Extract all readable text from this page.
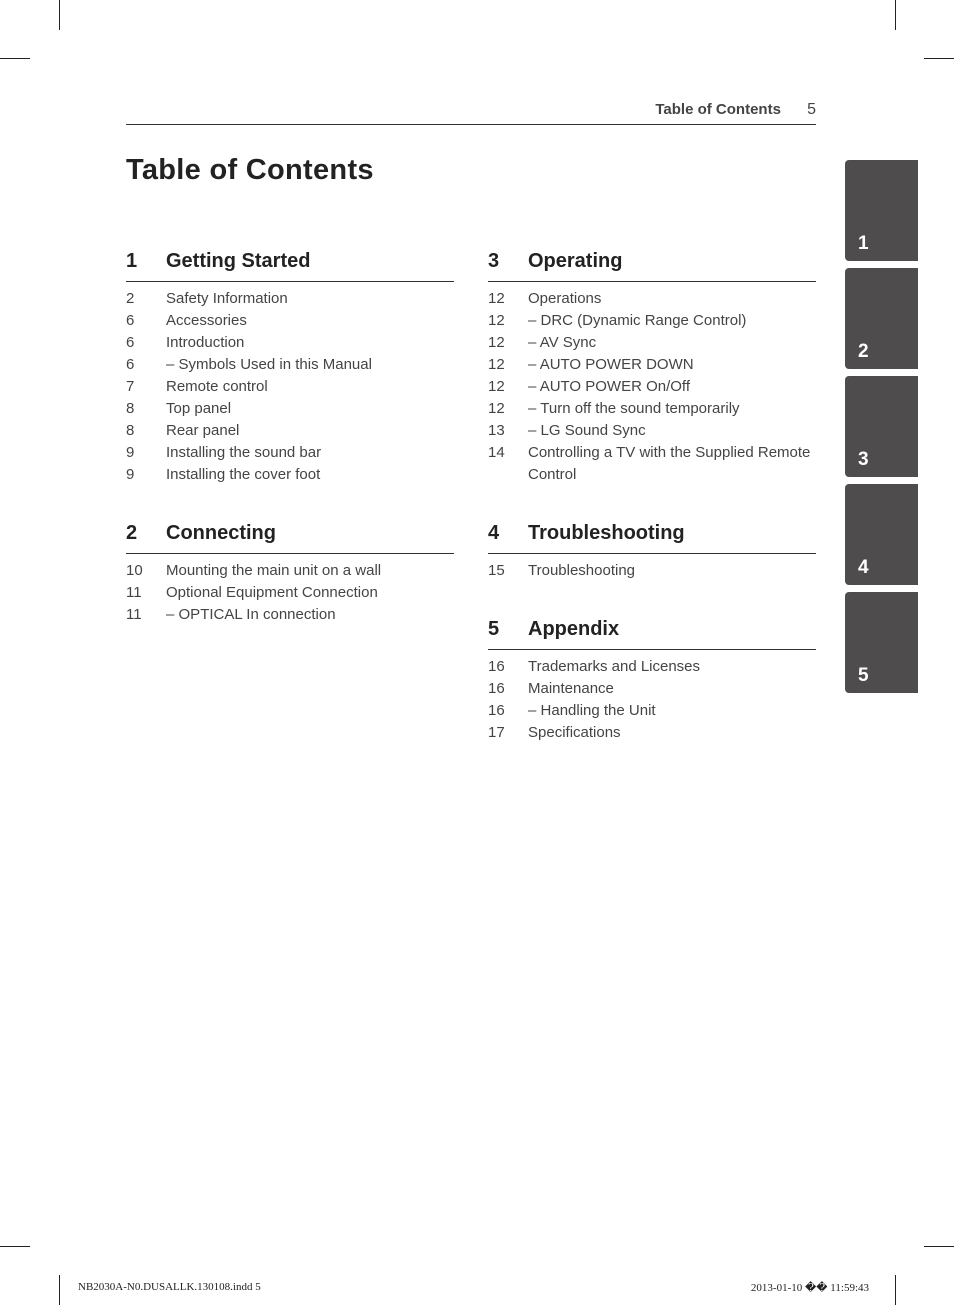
Table of Contents 5
Table of Contents
1	Getting Started
2	Safety Information
6	Accessories
6	Introduction
6	– Symbols Used in this Manual
7	Remote control
8	Top panel
8	Rear panel
9	Installing the sound bar
9	Installing the cover foot
2	Connecting
10	Mounting the main unit on a wall
11	Optional Equipment Connection
11	– OPTICAL In connection
3	Operating
12	Operations
12	– DRC (Dynamic Range Control)
12	– AV Sync
12	– AUTO POWER DOWN
12	– AUTO POWER On/Off
12	– Turn off the sound temporarily
13	– LG Sound Sync
14	Controlling a TV with the Supplied Remote Control
4	Troubleshooting
15	Troubleshooting
5	Appendix
16	Trademarks and Licenses
16	Maintenance
16	– Handling the Unit
17	Specifications
1
2
3
4
5
NB2030A-N0.DUSALLK.130108.indd 5	2013-01-10 �� 11:59:43
